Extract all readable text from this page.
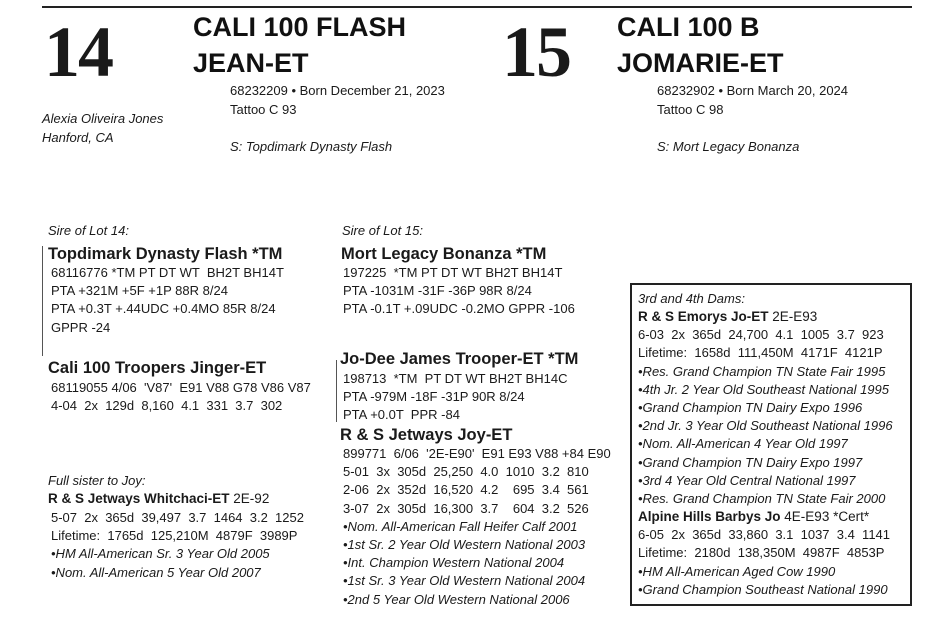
14	CALI 100 FLASH
JEAN-ET
68232209 • Born December 21, 2023
Tattoo C 93
S: Topdimark Dynasty Flash
Alexia Oliveira Jones
Hanford, CA
15 CALI 100 B
JOMARIE-ET
68232902 • Born March 20, 2024
Tattoo C 98
S: Mort Legacy Bonanza
Sire of Lot 14:
Topdimark Dynasty Flash *TM
68116776 *TM PT DT WT  BH2T BH14T
PTA +321M +5F +1P 88R 8/24
PTA +0.3T +.44UDC +0.4MO 85R 8/24
GPPR -24
Cali 100 Troopers Jinger-ET
68119055 4/06  'V87'  E91 V88 G78 V86 V87
4-04  2x  129d  8,160  4.1  331  3.7  302
Full sister to Joy:
R & S Jetways Whitchaci-ET 2E-92
5-07  2x  365d  39,497  3.7  1464  3.2  1252
Lifetime:  1765d  125,210M  4879F  3989P
•HM All-American Sr. 3 Year Old 2005
•Nom. All-American 5 Year Old 2007
Sire of Lot 15:
Mort Legacy Bonanza *TM
197225  *TM PT DT WT BH2T BH14T
PTA -1031M -31F -36P 98R 8/24
PTA -0.1T +.09UDC -0.2MO GPPR -106
Jo-Dee James Trooper-ET *TM
198713  *TM  PT DT WT BH2T BH14C
PTA -979M -18F -31P 90R 8/24
PTA +0.0T  PPR -84
R & S Jetways Joy-ET
899771  6/06  '2E-E90'  E91 E93 V88 +84 E90
5-01  3x  305d  25,250  4.0  1010  3.2  810
2-06  2x  352d  16,520  4.2    695  3.4  561
3-07  2x  305d  16,300  3.7    604  3.2  526
•Nom. All-American Fall Heifer Calf 2001
•1st Sr. 2 Year Old Western National 2003
•Int. Champion Western National 2004
•1st Sr. 3 Year Old Western National 2004
•2nd 5 Year Old Western National 2006
3rd and 4th Dams:
R & S Emorys Jo-ET 2E-E93
6-03  2x  365d  24,700  4.1  1005  3.7  923
Lifetime:  1658d  111,450M  4171F  4121P
•Res. Grand Champion TN State Fair 1995
•4th Jr. 2 Year Old Southeast National 1995
•Grand Champion TN Dairy Expo 1996
•2nd Jr. 3 Year Old Southeast National 1996
•Nom. All-American 4 Year Old 1997
•Grand Champion TN Dairy Expo 1997
•3rd 4 Year Old Central National 1997
•Res. Grand Champion TN State Fair 2000
Alpine Hills Barbys Jo 4E-E93 *Cert*
6-05  2x  365d  33,860  3.1  1037  3.4  1141
Lifetime:  2180d  138,350M  4987F  4853P
•HM All-American Aged Cow 1990
•Grand Champion Southeast National 1990
